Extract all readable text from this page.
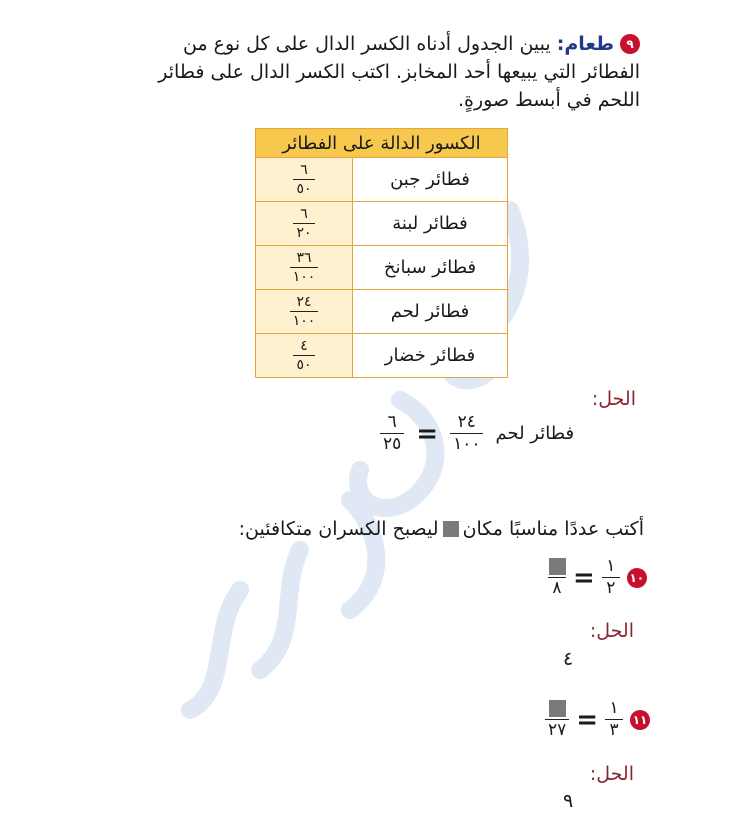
٩طعام: يبين الجدول أدناه الكسر الدال على كل نوع من الفطائر التي يبيعها أحد المخابز. اكتب الكسر الدال على فطائر اللحم في أبسط صورةٍ.
الكسور الدالة على الفطائر	
فطائر جبن	$\frac{٦}{٥٠}$

فطائر لبنة	$\frac{٦}{٢٠}$

فطائر سبانخ	$\frac{٣٦}{١٠٠}$

فطائر لحم	$\frac{٢٤}{١٠٠}$

فطائر خضار	$\frac{٤}{٥٠}$
الحل:
$\frac{٦}{٢٥} = \frac{٢٤}{١٠٠}$ فطائر لحم
أكتب عددًا مناسبًا مكانليصبح الكسران متكافئين:
٨ = $\frac{١}{٢}$ ١٠
الحل:
٤
٢٧ = $\frac{١}{٣}$ ١١
الحل:
٩
